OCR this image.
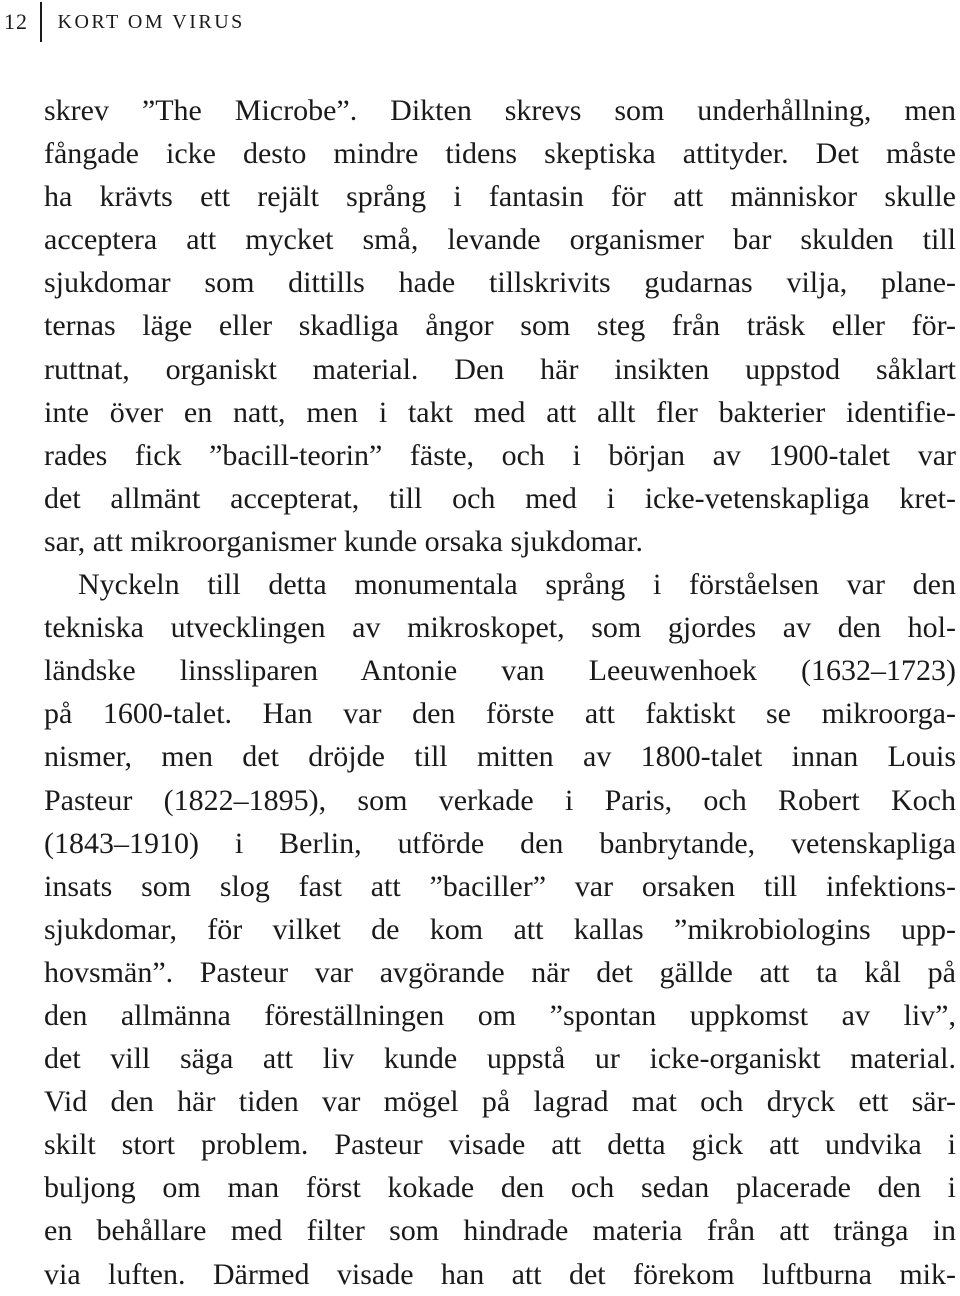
12	KORT OM VIRUS
skrev ”The Microbe”. Dikten skrevs som underhållning, men
fångade icke desto mindre tidens skeptiska attityder. Det måste
ha krävts ett rejält språng i fantasin för att människor skulle
acceptera att mycket små, levande organismer bar skulden till
sjukdomar som dittills hade tillskrivits gudarnas vilja, plane-
ternas läge eller skadliga ångor som steg från träsk eller för-
ruttnat, organiskt material. Den här insikten uppstod såklart
inte över en natt, men i takt med att allt fler bakterier identifie-
rades fick ”bacill-teorin” fäste, och i början av 1900-talet var
det allmänt accepterat, till och med i icke-vetenskapliga kret-
sar, att mikroorganismer kunde orsaka sjukdomar.
Nyckeln till detta monumentala språng i förståelsen var den
tekniska utvecklingen av mikroskopet, som gjordes av den hol-
ländske linssliparen Antonie van Leeuwenhoek (1632–1723)
på 1600-talet. Han var den förste att faktiskt se mikroorga-
nismer, men det dröjde till mitten av 1800-talet innan Louis
Pasteur (1822–1895), som verkade i Paris, och Robert Koch
(1843–1910) i Berlin, utförde den banbrytande, vetenskapliga
insats som slog fast att ”baciller” var orsaken till infektions-
sjukdomar, för vilket de kom att kallas ”mikrobiologins upp-
hovsmän”. Pasteur var avgörande när det gällde att ta kål på
den allmänna föreställningen om ”spontan uppkomst av liv”,
det vill säga att liv kunde uppstå ur icke-organiskt material.
Vid den här tiden var mögel på lagrad mat och dryck ett sär-
skilt stort problem. Pasteur visade att detta gick att undvika i
buljong om man först kokade den och sedan placerade den i
en behållare med filter som hindrade materia från att tränga in
via luften. Därmed visade han att det förekom luftburna mik-
